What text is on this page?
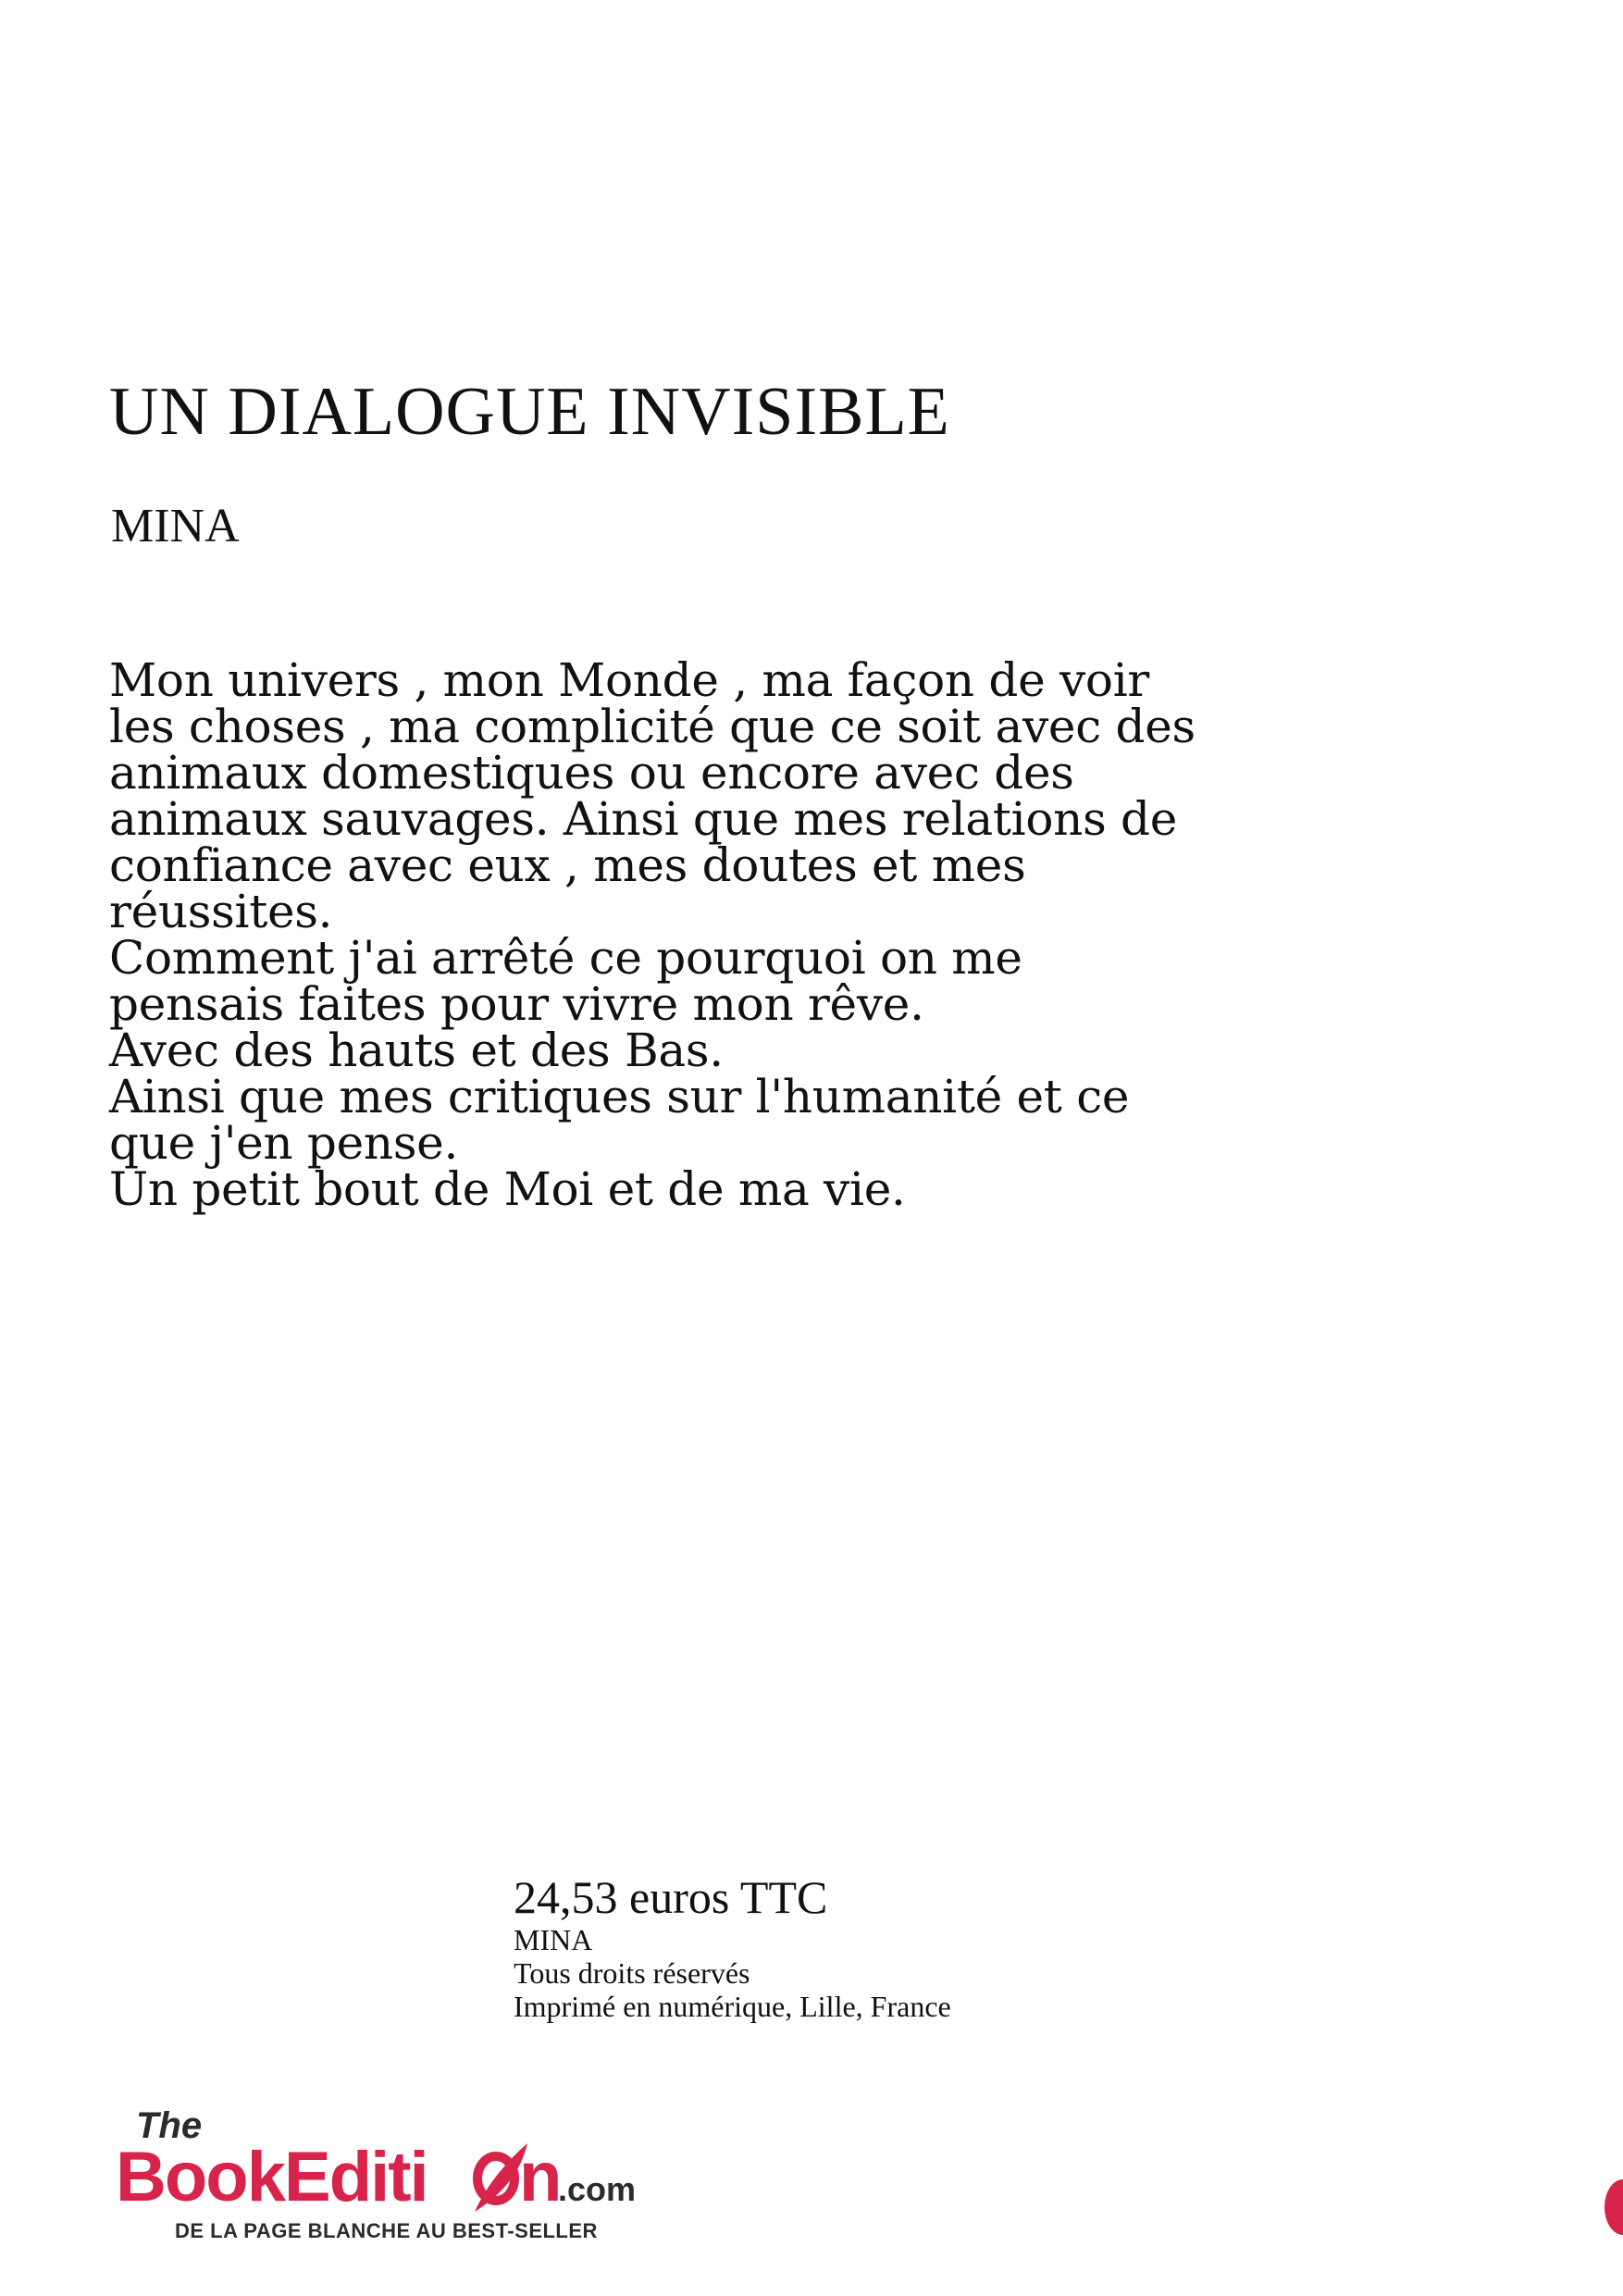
UN DIALOGUE INVISIBLE
MINA
Mon univers , mon Monde , ma façon de voir
les choses , ma complicité que ce soit avec des
animaux domestiques ou encore avec des
animaux sauvages. Ainsi que mes relations de
confiance avec eux , mes doutes et mes
réussites.
Comment j'ai arrêté ce pourquoi on me
pensais faites pour vivre mon rêve.
Avec des hauts et des Bas.
Ainsi que mes critiques sur l'humanité et ce
que j'en pense.
Un petit bout de Moi et de ma vie.
24,53 euros TTC
MINA
Tous droits réservés
Imprimé en numérique, Lille, France
The
BookEditi n
.com
DE LA PAGE BLANCHE AU BEST-SELLER
